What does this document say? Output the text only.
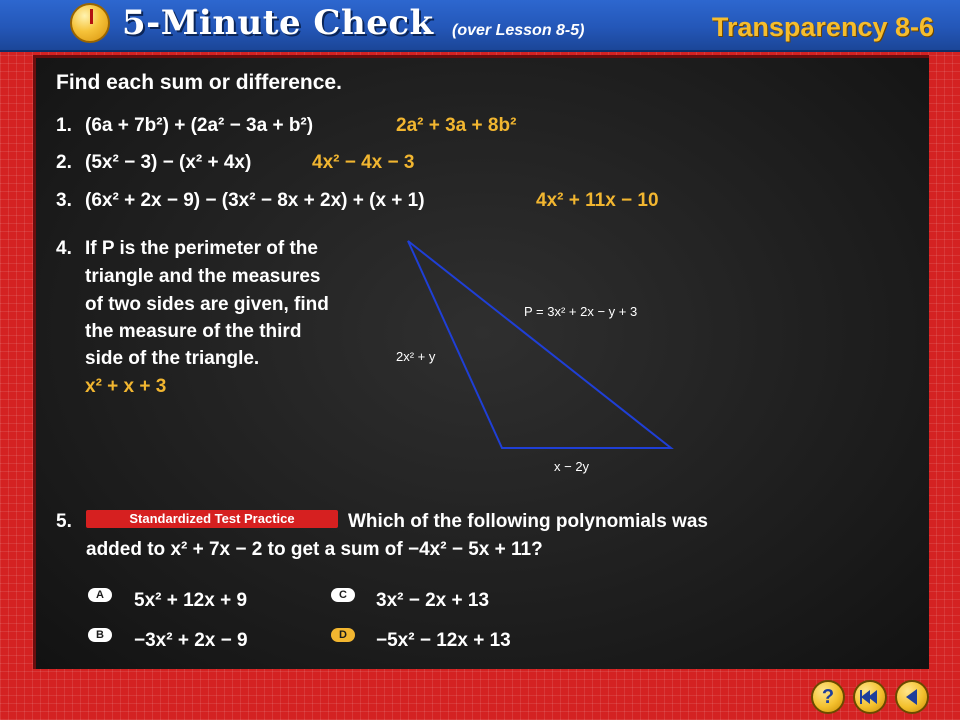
5-Minute Check (over Lesson 8-5)	Transparency 8-6
Find each sum or difference.
1. (6a + 7b²) + (2a² − 3a + b²)	2a² + 3a + 8b²
2. (5x² − 3) − (x² + 4x)	4x² − 4x − 3
3. (6x² + 2x − 9) − (3x² − 8x + 2x) + (x + 1)	4x² + 11x − 10
4. If P is the perimeter of the
triangle and the measures
of two sides are given, find
the measure of the third
side of the triangle.
x² + x + 3
P = 3x² + 2x − y + 3
2x² + y
x − 2y
5.	Standardized Test Practice	Which of the following polynomials was
added to x² + 7x − 2 to get a sum of −4x² − 5x + 11?
A	5x² + 12x + 9
B	−3x² + 2x − 9
C	3x² − 2x + 13
D	−5x² − 12x + 13
?
